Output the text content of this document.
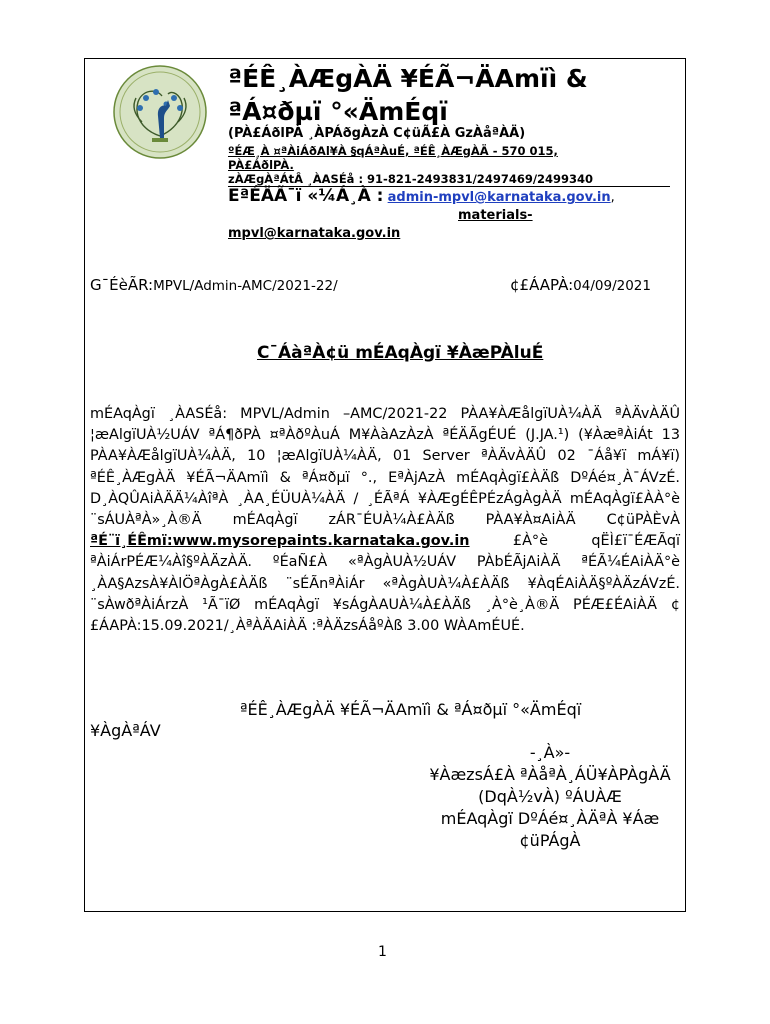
ªÉÊ¸ÀÆgÀÄ ¥ÉÃ¬ÄAmïì &
ªÁ¤ðµï °«ÄmÉqï
(PÀ£ÁðlPÀ ¸ÀPÁðgÀzÀ C¢üÃ£À GzÀåªÀÄ)
ºÉÆ¸À ¤ªÀiÁðAl¥À §qÁªÀuÉ, ªÉÊ¸ÀÆgÀÄ - 570 015, PÀ£ÁðlPÀ.
zÀÆgÀªÁtÂ ¸ÀASÉå : 91-821-2493831/2497469/2499340
EªÉÄÃ¯ï «¼Á¸À : admin-mpvl@karnataka.gov.in,
materials-
mpvl@karnataka.gov.in
G¯ÉèÃR:MPVL/Admin-AMC/2021-22/	¢£ÁAPÀ:04/09/2021
C¯ÁàªÀ¢ü mÉAqÀgï ¥ÀæPÀluÉ
mÉAqÀgï ¸ÀASÉå: MPVL/Admin –AMC/2021-22 PÀA¥ÀÆålgïUÀ¼ÀÄ ªÀÄvÀÄÛ ¦æAlgïUÀ½UÁV ªÁ¶ðPÀ ¤ªÀðºÀuÁ M¥ÀàAzÀzÀ ªÉÄÃgÉUÉ (J.JA.¹) (¥ÀæªÀiÁt 13 PÀA¥ÀÆålgïUÀ¼ÀÄ, 10 ¦æAlgïUÀ¼ÀÄ, 01 Server ªÀÄvÀÄÛ 02 ¯Áå¥ï mÁ¥ï) ªÉÊ¸ÀÆgÀÄ ¥ÉÃ¬ÄAmïì & ªÁ¤ðµï °., EªÀjAzÀ mÉAqÀgï£ÀÄß DºÁé¤¸À¯ÁVzÉ. D¸ÀQÛAiÀÄÄ¼ÀîªÀ ¸ÀA¸ÉÜUÀ¼ÀÄ / ¸ÉÃªÁ ¥ÀÆgÉÊPÉzÁgÀgÀÄ mÉAqÀgï£ÀÀ°è ¨sÁUÀªÀ»¸À®Ä mÉAqÀgï zÁR¯ÉUÀ¼À£ÀÄß PÀA¥À¤AiÀÄ C¢üPÀÈvÀ ªÉ¨ï¸ÉÊmï:www.mysorepaints.karnataka.gov.in	£À°è qËÌ£ï¯ÉÆÃqï ªÀiÁrPÉÆ¼Àî§ºÀÄzÀÄ. ºÉaÑ£À «ªÀgÀUÀ½UÁV PÀbÉÃjAiÀÄ ªÉÃ¼ÉAiÀÄ°è ¸ÀA§AzsÀ¥ÀlÖªÀgÀ£ÀÄß ¨sÉÃnªÀiÁr «ªÀgÀUÀ¼À£ÀÄß ¥ÀqÉAiÀÄ§ºÀÄzÁVzÉ. ¨sÀwðªÀiÁrzÀ ¹Ã¯ïØ mÉAqÀgï ¥sÁgÀAUÀ¼À£ÀÄß ¸À°è¸À®Ä PÉÆ£ÉAiÀÄ ¢£ÁAPÀ:15.09.2021/¸ÀªÀÄAiÀÄ :ªÀÄzsÁåºÀß 3.00 WÀAmÉUÉ.
ªÉÊ¸ÀÆgÀÄ ¥ÉÃ¬ÄAmïì & ªÁ¤ðµï °«ÄmÉqï
¥ÀgÀªÁV
-¸À»-
¥ÀæzsÁ£À ªÀåªÀ¸ÁÜ¥ÀPÀgÀÄ
(DqÀ½vÀ) ºÁUÀÆ
mÉAqÀgï DºÁé¤¸ÀÄªÀ ¥Áæ
¢üPÁgÀ
1
